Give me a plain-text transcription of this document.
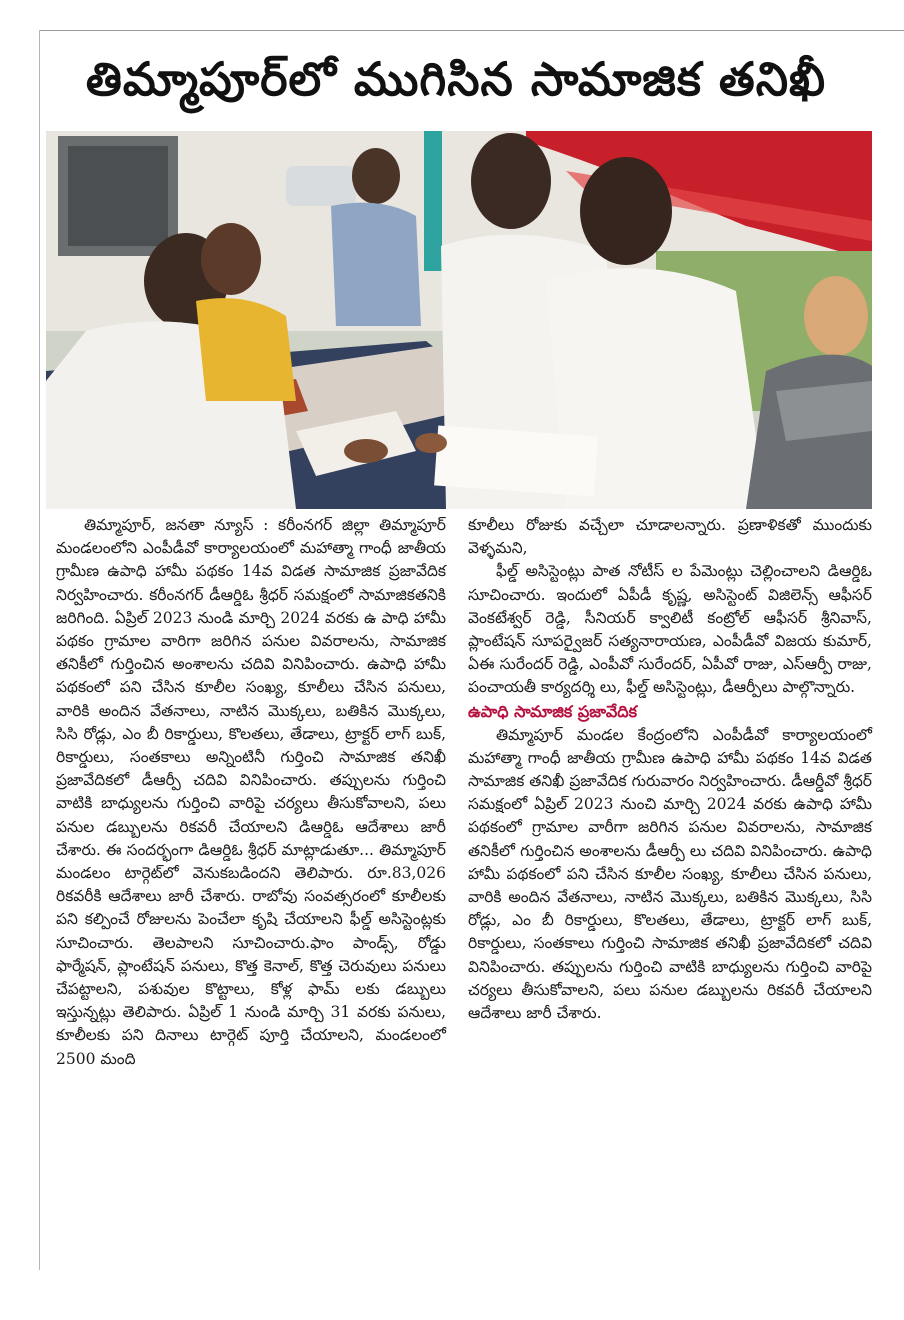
తిమ్మాపూర్‌లో ముగిసిన సామాజిక తనిఖీ

తిమ్మాపూర్, జనతా న్యూస్ : కరీంనగర్ జిల్లా తిమ్మాపూర్ మండలంలోని ఎంపీడీవో కార్యాలయంలో మహాత్మా గాంధీ జాతీయ గ్రామీణ ఉపాధి హామీ పథకం 14వ విడత సామాజిక ప్రజావేదిక నిర్వహించారు. కరీంనగర్ డీఆర్డిఓ శ్రీధర్ సమక్షంలో సామాజికతనికి జరిగింది. ఏప్రిల్ 2023 నుండి మార్చి 2024 వరకు ఉ పాధి హామీ పథకం గ్రామాల వారిగా జరిగిన పనుల వివరాలను, సామాజిక తనికీలో గుర్తించిన అంశాలను చదివి వినిపించారు. ఉపాధి హామీ పథకంలో పని చేసిన కూలీల సంఖ్య, కూలీలు చేసిన పనులు, వారికి అందిన వేతనాలు, నాటిన మొక్కలు, బతికిన మొక్కలు, సిసి రోడ్లు, ఎం బీ రికార్డులు, కొలతలు, తేడాలు, ట్రాక్టర్ లాగ్ బుక్, రికార్డులు, సంతకాలు అన్నింటినీ గుర్తించి సామాజిక తనిఖీ ప్రజావేదికలో డీఆర్పీ చదివి వినిపించారు. తప్పులను గుర్తించి వాటికి బాధ్యులను గుర్తించి వారిపై చర్యలు తీసుకోవాలని, పలు పనుల డబ్బులను రికవరీ చేయాలని డిఆర్డిఓ ఆదేశాలు జారీ చేశారు. ఈ సందర్భంగా డిఆర్డిఓ శ్రీధర్ మాట్లాడుతూ... తిమ్మాపూర్ మండలం టార్గెట్‌లో వెనుకబడిందని తెలిపారు. రూ.83,026 రికవరీకి ఆదేశాలు జారీ చేశారు. రాబోవు సంవత్సరంలో కూలీలకు పని కల్పించే రోజులను పెంచేలా కృషి చేయాలని ఫీల్డ్ అసిస్టెంట్లకు సూచించారు. తెలపాలని సూచించారు.ఫాం పాండ్స్, రోడ్డు ఫార్మేషన్, ప్లాంటేషన్ పనులు, కొత్త కెనాల్, కొత్త చెరువులు పనులు చేపట్టాలని, పశువుల కొట్టాలు, కోళ్ల ఫామ్ లకు డబ్బులు ఇస్తున్నట్లు తెలిపారు. ఏప్రిల్ 1 నుండి మార్చి 31 వరకు పనులు, కూలీలకు పని దినాలు టార్గెట్ పూర్తి చేయాలని, మండలంలో 2500 మంది

కూలీలు రోజుకు వచ్చేలా చూడాలన్నారు. ప్రణాళికతో ముందుకు వెళ్ళమని,

ఫీల్డ్ అసిస్టెంట్లు పాత నోటీస్ ల పేమెంట్లు చెల్లించాలని డిఆర్డిఓ సూచించారు. ఇందులో ఏపీడీ కృష్ణ, అసిస్టెంట్ విజిలెన్స్ ఆఫీసర్ వెంకటేశ్వర్ రెడ్డి, సీనియర్ క్వాలిటీ కంట్రోల్ ఆఫీసర్ శ్రీనివాస్, ప్లాంటేషన్ సూపర్వైజర్ సత్యనారాయణ, ఎంపీడీవో విజయ కుమార్, ఏఈ సురేందర్ రెడ్డి, ఎంపీవో సురేందర్, ఏపీవో రాజు, ఎస్ఆర్పీ రాజు, పంచాయతీ కార్యదర్శి లు, ఫీల్డ్ అసిస్టెంట్లు, డీఆర్పీలు పాల్గొన్నారు.

ఉపాధి సామాజిక ప్రజావేదిక

తిమ్మాపూర్ మండల కేంద్రంలోని ఎంపీడీవో కార్యాలయంలో మహాత్మా గాంధీ జాతీయ గ్రామీణ ఉపాధి హామీ పథకం 14వ విడత సామాజిక తనిఖీ ప్రజావేదిక గురువారం నిర్వహించారు. డీఆర్డీవో శ్రీధర్ సమక్షంలో ఏప్రిల్ 2023 నుంచి మార్చి 2024 వరకు ఉపాధి హామీ పథకంలో గ్రామాల వారీగా జరిగిన పనుల వివరాలను, సామాజిక తనికీలో గుర్తించిన అంశాలను డీఆర్పీ లు చదివి వినిపించారు. ఉపాధి హామీ పథకంలో పని చేసిన కూలీల సంఖ్య, కూలీలు చేసిన పనులు, వారికి అందిన వేతనాలు, నాటిన మొక్కలు, బతికిన మొక్కలు, సిసి రోడ్లు, ఎం బీ రికార్డులు, కొలతలు, తేడాలు, ట్రాక్టర్ లాగ్ బుక్, రికార్డులు, సంతకాలు గుర్తించి సామాజిక తనిఖీ ప్రజావేదికలో చదివి వినిపించారు. తప్పులను గుర్తించి వాటికి బాధ్యులను గుర్తించి వారిపై చర్యలు తీసుకోవాలని, పలు పనుల డబ్బులను రికవరీ చేయాలని ఆదేశాలు జారీ చేశారు.
